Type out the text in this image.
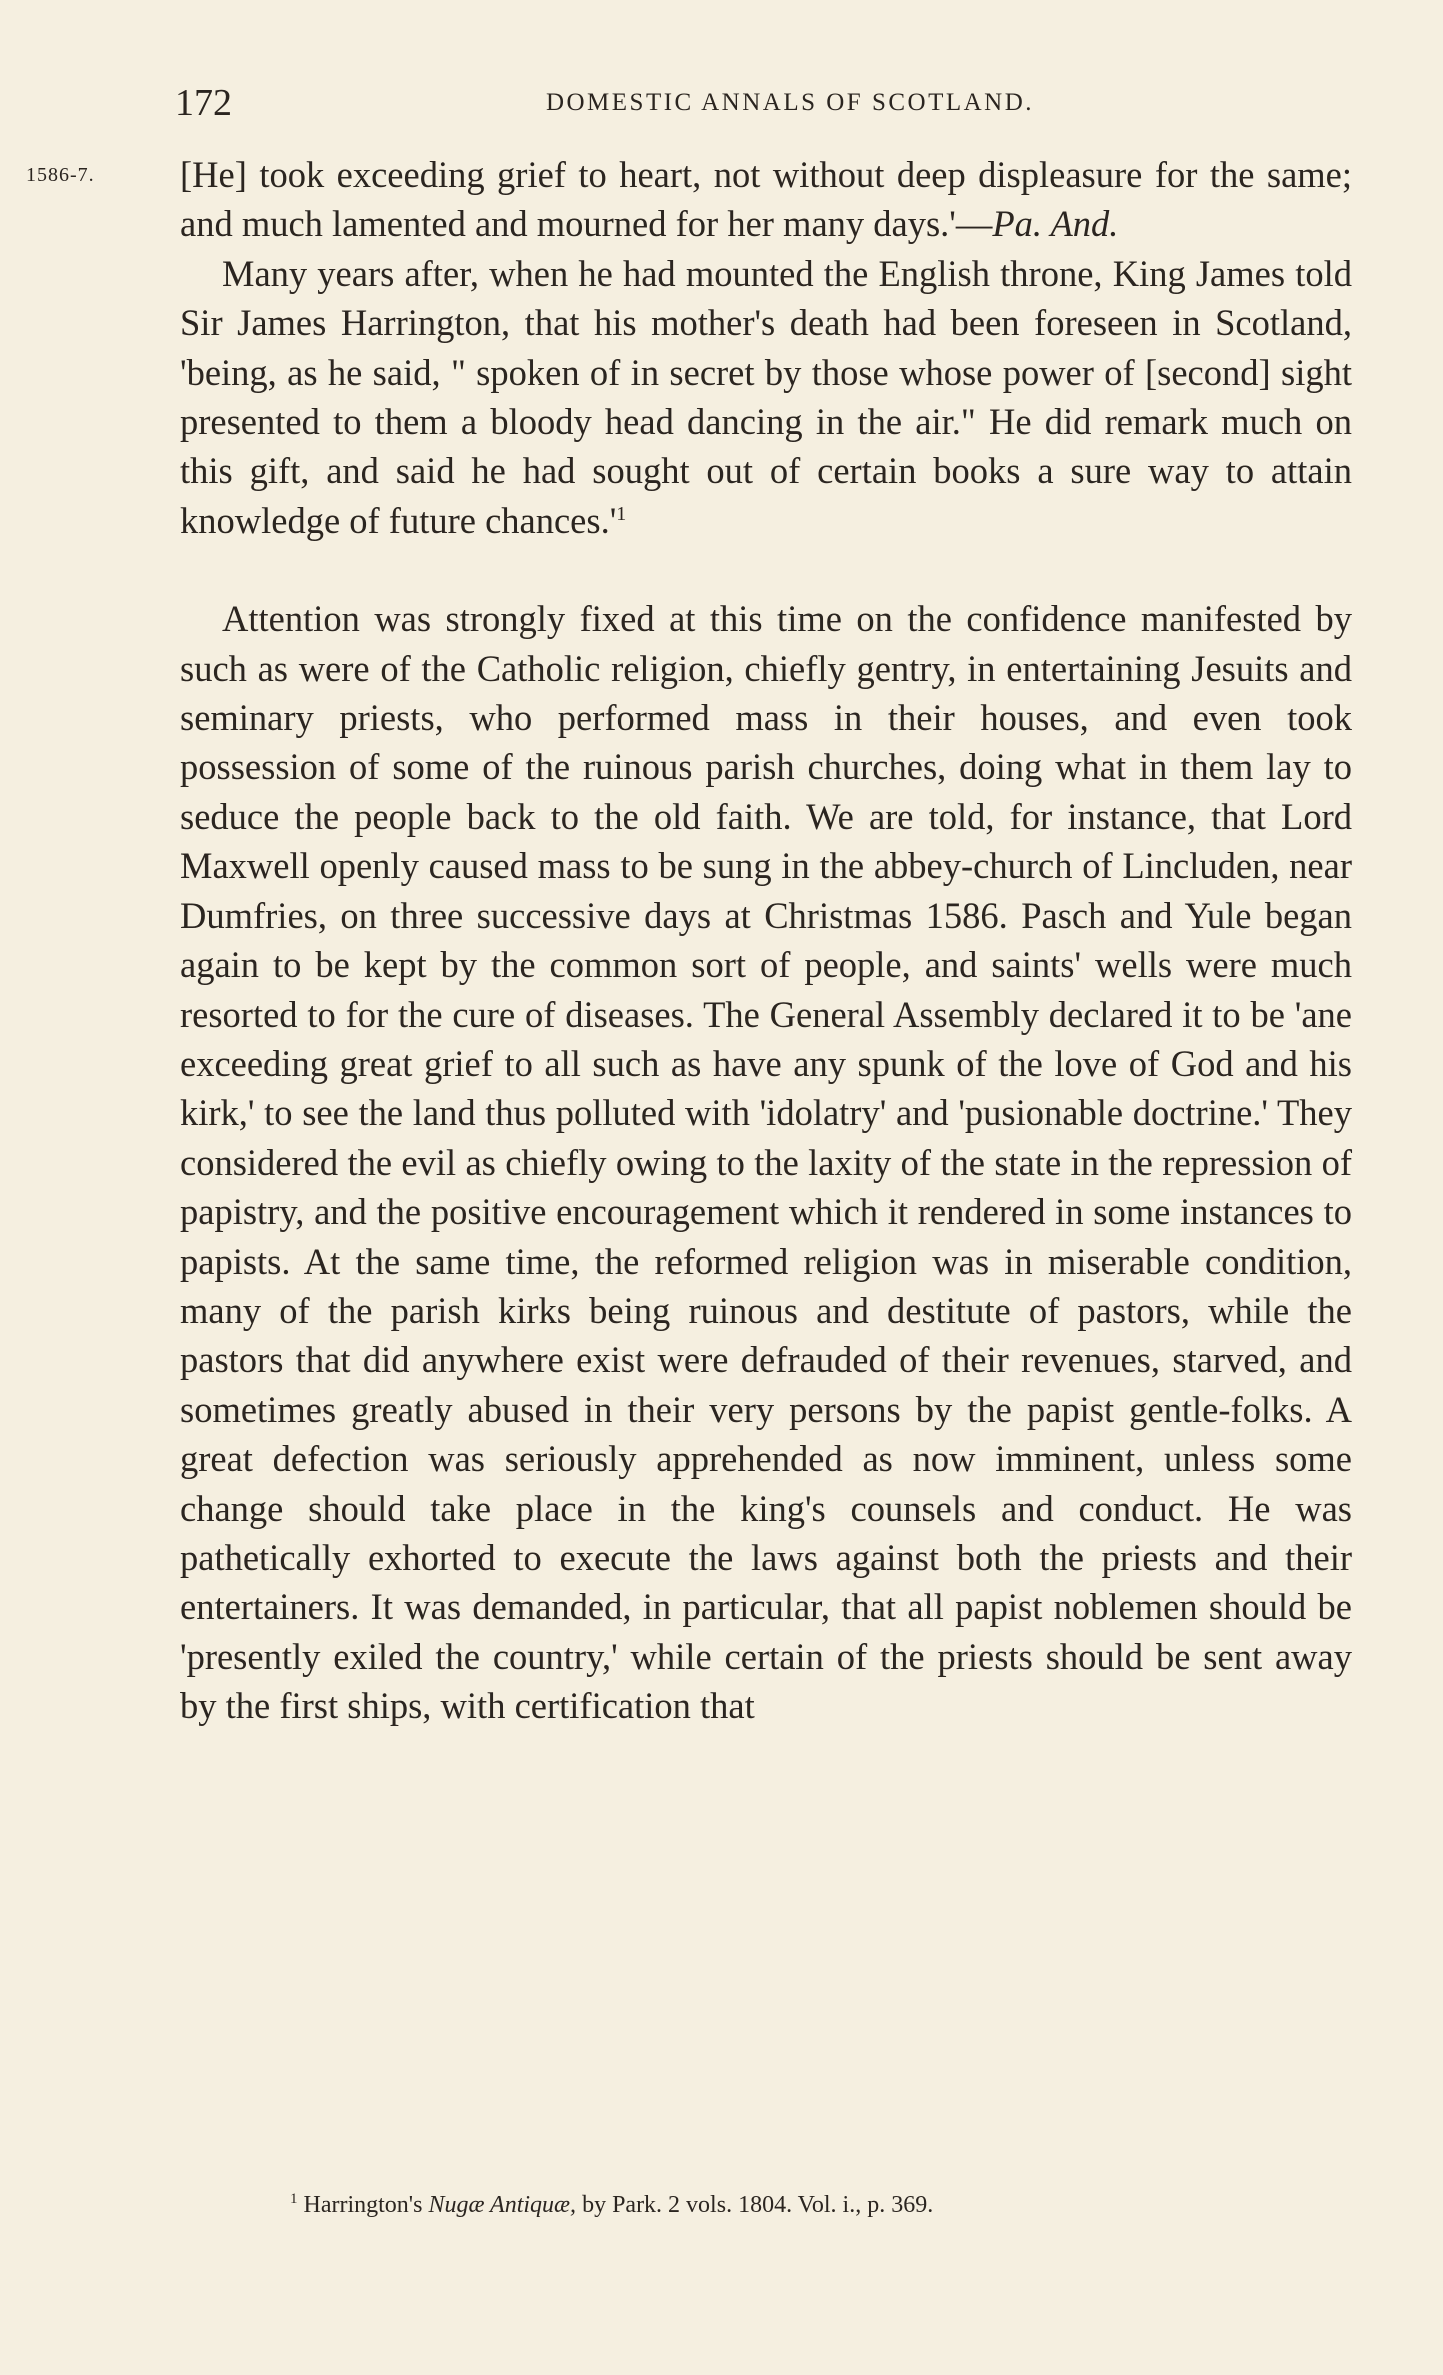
172	DOMESTIC ANNALS OF SCOTLAND.
1586-7. [He] took exceeding grief to heart, not without deep displeasure for the same; and much lamented and mourned for her many days.'—Pa. And.

Many years after, when he had mounted the English throne, King James told Sir James Harrington, that his mother's death had been foreseen in Scotland, 'being, as he said, " spoken of in secret by those whose power of [second] sight presented to them a bloody head dancing in the air." He did remark much on this gift, and said he had sought out of certain books a sure way to attain knowledge of future chances.'$^1$

Attention was strongly fixed at this time on the confidence manifested by such as were of the Catholic religion, chiefly gentry, in entertaining Jesuits and seminary priests, who performed mass in their houses, and even took possession of some of the ruinous parish churches, doing what in them lay to seduce the people back to the old faith. We are told, for instance, that Lord Maxwell openly caused mass to be sung in the abbey-church of Lincluden, near Dumfries, on three successive days at Christmas 1586. Pasch and Yule began again to be kept by the common sort of people, and saints' wells were much resorted to for the cure of diseases. The General Assembly declared it to be 'ane exceeding great grief to all such as have any spunk of the love of God and his kirk,' to see the land thus polluted with 'idolatry' and 'pusionable doctrine.' They considered the evil as chiefly owing to the laxity of the state in the repression of papistry, and the positive encouragement which it rendered in some instances to papists. At the same time, the reformed religion was in miserable condition, many of the parish kirks being ruinous and destitute of pastors, while the pastors that did anywhere exist were defrauded of their revenues, starved, and sometimes greatly abused in their very persons by the papist gentle-folks. A great defection was seriously apprehended as now imminent, unless some change should take place in the king's counsels and conduct. He was pathetically exhorted to execute the laws against both the priests and their entertainers. It was demanded, in particular, that all papist noblemen should be 'presently exiled the country,' while certain of the priests should be sent away by the first ships, with certification that

$^1$ Harrington's Nugæ Antiquæ, by Park. 2 vols. 1804. Vol. i., p. 369.
